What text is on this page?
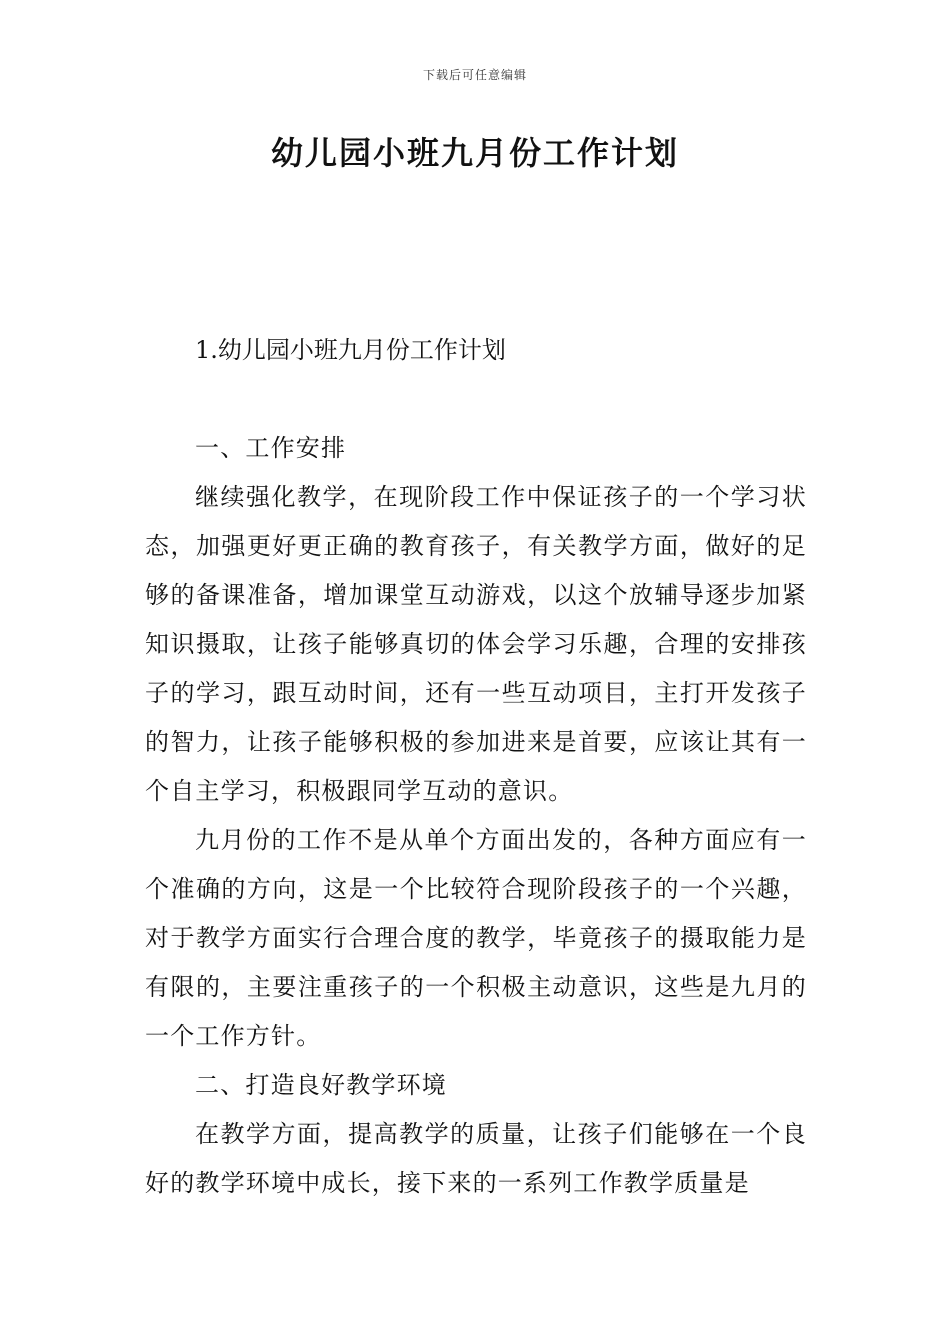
下载后可任意编辑
幼儿园小班九月份工作计划
1.幼儿园小班九月份工作计划
一、工作安排

继续强化教学，在现阶段工作中保证孩子的一个学习状态，加强更好更正确的教育孩子，有关教学方面，做好的足够的备课准备，增加课堂互动游戏，以这个放辅导逐步加紧知识摄取，让孩子能够真切的体会学习乐趣，合理的安排孩子的学习，跟互动时间，还有一些互动项目，主打开发孩子的智力，让孩子能够积极的参加进来是首要，应该让其有一个自主学习，积极跟同学互动的意识。

九月份的工作不是从单个方面出发的，各种方面应有一个准确的方向，这是一个比较符合现阶段孩子的一个兴趣，对于教学方面实行合理合度的教学，毕竟孩子的摄取能力是有限的，主要注重孩子的一个积极主动意识，这些是九月的一个工作方针。

二、打造良好教学环境

在教学方面，提高教学的质量，让孩子们能够在一个良好的教学环境中成长，接下来的一系列工作教学质量是
